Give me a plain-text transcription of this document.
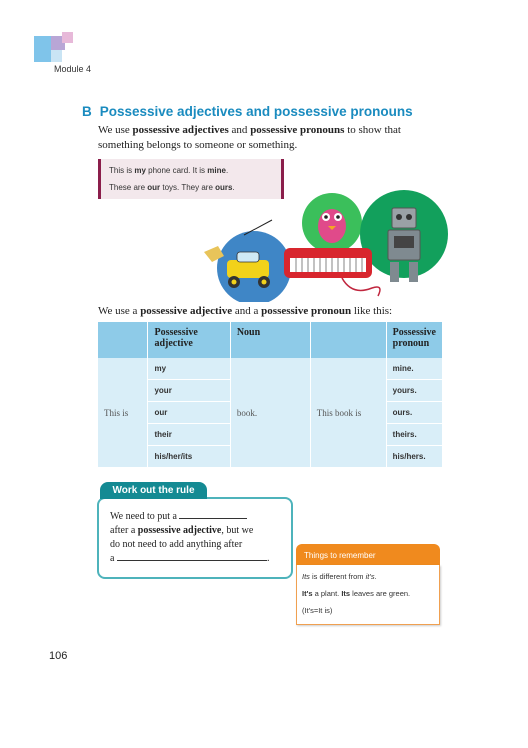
Module 4
B Possessive adjectives and possessive pronouns
We use possessive adjectives and possessive pronouns to show that something belongs to someone or something.
This is my phone card. It is mine.
These are our toys. They are ours.
We use a possessive adjective and a possessive pronoun like this:
	Possessive adjective	Noun		Possessive pronoun
This is	my	book.	This book is	mine.
	your			yours.
	our			ours.
	their			theirs.
	his/her/its			his/hers.
Work out the rule
We need to put a
after a possessive adjective, but we
do not need to add anything after
a	.	Things to remember
Its is different from it's.
It's a plant. Its leaves are green.
(It's=It is)
106
